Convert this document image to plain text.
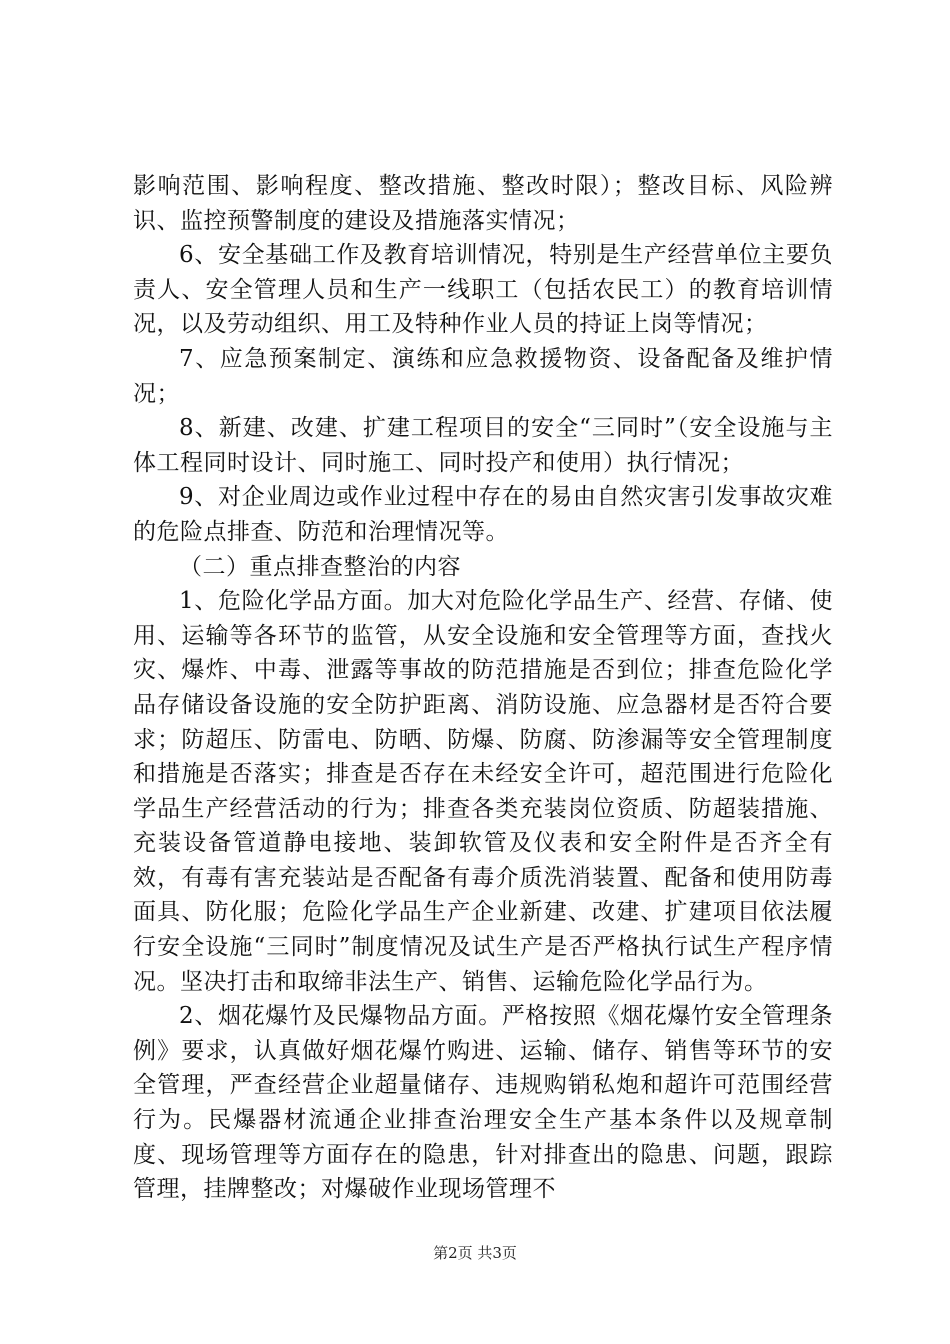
影响范围、影响程度、整改措施、整改时限）；整改目标、风险辨识、监控预警制度的建设及措施落实情况；

6、安全基础工作及教育培训情况，特别是生产经营单位主要负责人、安全管理人员和生产一线职工（包括农民工）的教育培训情况，以及劳动组织、用工及特种作业人员的持证上岗等情况；

7、应急预案制定、演练和应急救援物资、设备配备及维护情况；

8、新建、改建、扩建工程项目的安全“三同时”（安全设施与主体工程同时设计、同时施工、同时投产和使用）执行情况；

9、对企业周边或作业过程中存在的易由自然灾害引发事故灾难的危险点排查、防范和治理情况等。

（二）重点排查整治的内容

1、危险化学品方面。加大对危险化学品生产、经营、存储、使用、运输等各环节的监管，从安全设施和安全管理等方面，查找火灾、爆炸、中毒、泄露等事故的防范措施是否到位；排查危险化学品存储设备设施的安全防护距离、消防设施、应急器材是否符合要求；防超压、防雷电、防晒、防爆、防腐、防渗漏等安全管理制度和措施是否落实；排查是否存在未经安全许可，超范围进行危险化学品生产经营活动的行为；排查各类充装岗位资质、防超装措施、充装设备管道静电接地、装卸软管及仪表和安全附件是否齐全有效，有毒有害充装站是否配备有毒介质洗消装置、配备和使用防毒面具、防化服；危险化学品生产企业新建、改建、扩建项目依法履行安全设施“三同时”制度情况及试生产是否严格执行试生产程序情况。坚决打击和取缔非法生产、销售、运输危险化学品行为。

2、烟花爆竹及民爆物品方面。严格按照《烟花爆竹安全管理条例》要求，认真做好烟花爆竹购进、运输、储存、销售等环节的安全管理，严查经营企业超量储存、违规购销私炮和超许可范围经营行为。民爆器材流通企业排查治理安全生产基本条件以及规章制度、现场管理等方面存在的隐患，针对排查出的隐患、问题，跟踪管理，挂牌整改；对爆破作业现场管理不

第2页 共3页
